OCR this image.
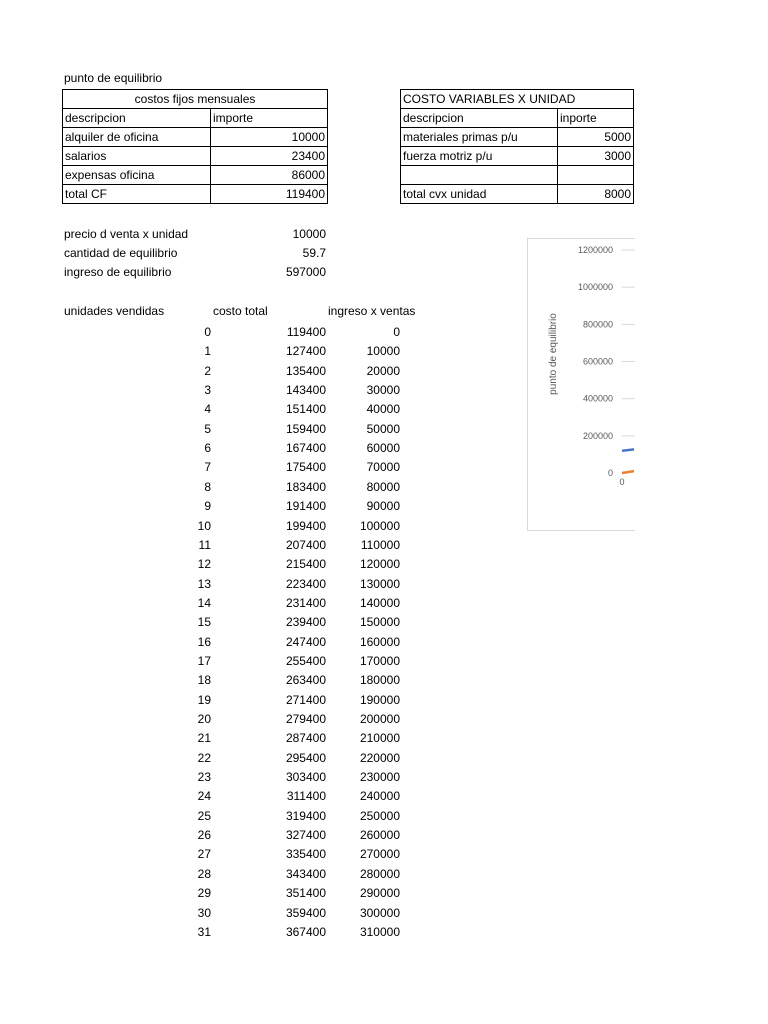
punto de equilibrio
costos fijos mensuales	
descripcion	importe
alquiler de oficina	10000
salarios	23400
expensas oficina	86000
total CF	119400
COSTO VARIABLES X UNIDAD	
descripcion	inporte
materiales primas p/u	5000
fuerza motriz p/u	3000

total cvx unidad	8000
precio d venta x unidad	10000
cantidad de equilibrio	59.7
ingreso de equilibrio	597000
unidades vendidas	costo total	ingreso x ventas
0	119400	0
1	127400	10000
2	135400	20000
3	143400	30000
4	151400	40000
5	159400	50000
6	167400	60000
7	175400	70000
8	183400	80000
9	191400	90000
10	199400	100000
11	207400	110000
12	215400	120000
13	223400	130000
14	231400	140000
15	239400	150000
16	247400	160000
17	255400	170000
18	263400	180000
19	271400	190000
20	279400	200000
21	287400	210000
22	295400	220000
23	303400	230000
24	311400	240000
25	319400	250000
26	327400	260000
27	335400	270000
28	343400	280000
29	351400	290000
30	359400	300000
31	367400	310000
punto de equilibrio
1200000
1000000
800000
600000
400000
200000
0
0
